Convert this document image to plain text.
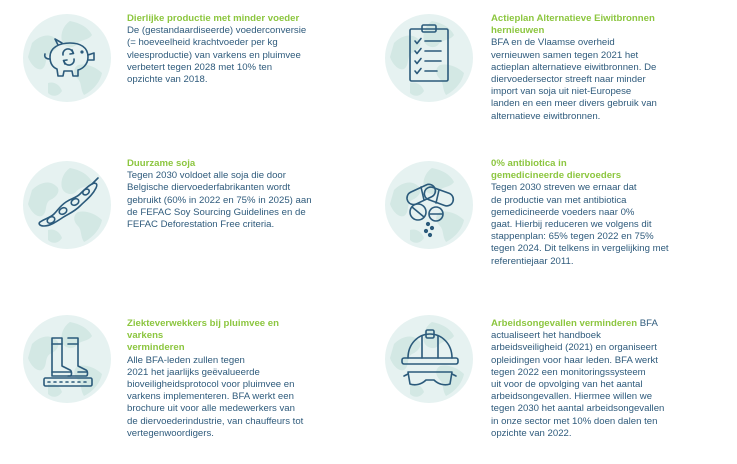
Dierlijke productie met minder voeder
De (gestandaardiseerde) voederconversie
(= hoeveelheid krachtvoeder per kg
vleesproductie) van varkens en pluimvee
verbetert tegen 2028 met 10% ten
opzichte van 2018.
Actieplan Alternatieve Eiwitbronnen
hernieuwen
BFA en de Vlaamse overheid
vernieuwen samen tegen 2021 het
actieplan alternatieve eiwitbronnen. De
diervoedersector streeft naar minder
import van soja uit niet-Europese
landen en een meer divers gebruik van
alternatieve eiwitbronnen.
Duurzame soja
Tegen 2030 voldoet alle soja die door
Belgische diervoederfabrikanten wordt
gebruikt (60% in 2022 en 75% in 2025) aan
de FEFAC Soy Sourcing Guidelines en de
FEFAC Deforestation Free criteria.
0% antibiotica in
gemedicineerde diervoeders
Tegen 2030 streven we ernaar dat
de productie van met antibiotica
gemedicineerde voeders naar 0%
gaat. Hierbij reduceren we volgens dit
stappenplan: 65% tegen 2022 en 75%
tegen 2024. Dit telkens in vergelijking met
referentiejaar 2011.
Ziekteverwekkers bij pluimvee en varkens
verminderen
Alle BFA-leden zullen tegen
2021 het jaarlijks geëvalueerde
bioveiligheidsprotocol voor pluimvee en
varkens implementeren. BFA werkt een
brochure uit voor alle medewerkers van
de diervoederindustrie, van chauffeurs tot
vertegenwoordigers.
Arbeidsongevallen verminderen BFA
actualiseert het handboek
arbeidsveiligheid (2021) en organiseert
opleidingen voor haar leden. BFA werkt
tegen 2022 een monitoringssysteem
uit voor de opvolging van het aantal
arbeidsongevallen. Hiermee willen we
tegen 2030 het aantal arbeidsongevallen
in onze sector met 10% doen dalen ten
opzichte van 2022.
